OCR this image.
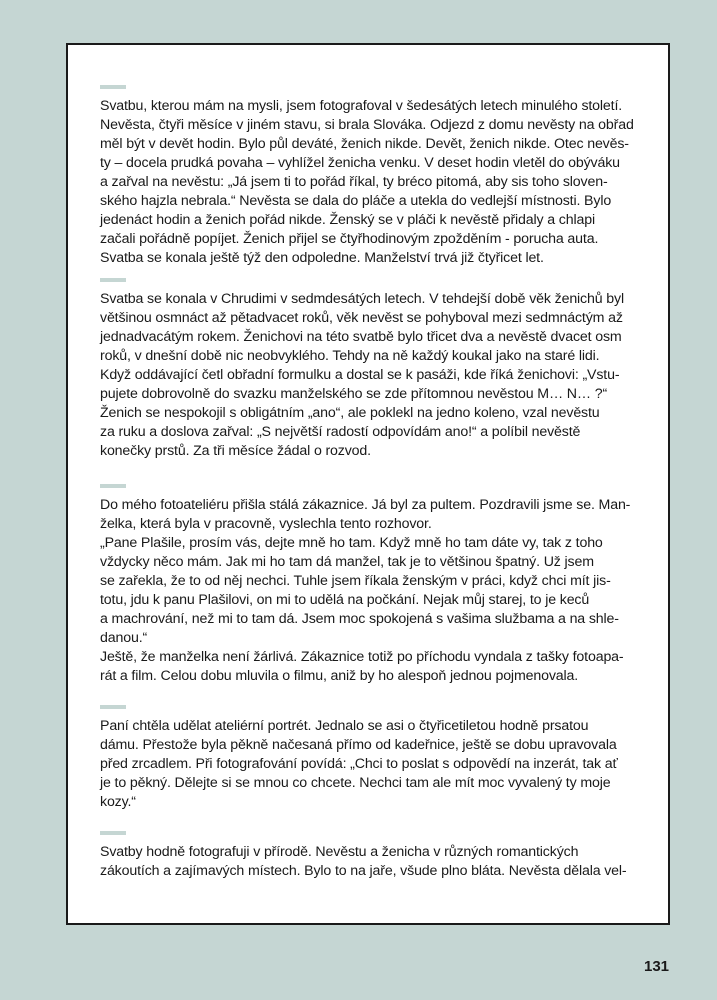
Svatbu, kterou mám na mysli, jsem fotografoval v šedesátých letech minulého století.
Nevěsta, čtyři měsíce v jiném stavu, si brala Slováka. Odjezd z domu nevěsty na obřad
měl být v devět hodin. Bylo půl deváté, ženich nikde. Devět, ženich nikde. Otec nevěs-
ty – docela prudká povaha – vyhlížel ženicha venku. V deset hodin vletěl do obýváku
a zařval na nevěstu: „Já jsem ti to pořád říkal, ty bréco pitomá, aby sis toho sloven-
ského hajzla nebrala.“ Nevěsta se dala do pláče a utekla do vedlejší místnosti. Bylo
jedenáct hodin a ženich pořád nikde. Ženský se v pláči k nevěstě přidaly a chlapi
začali pořádně popíjet. Ženich přijel se čtyřhodinovým zpožděním - porucha auta.
Svatba se konala ještě týž den odpoledne. Manželství trvá již čtyřicet let.
Svatba se konala v Chrudimi v sedmdesátých letech. V tehdejší době věk ženichů byl
většinou osmnáct až pětadvacet roků, věk nevěst se pohyboval mezi sedmnáctým až
jednadvacátým rokem. Ženichovi na této svatbě bylo třicet dva a nevěstě dvacet osm
roků, v dnešní době nic neobvyklého. Tehdy na ně každý koukal jako na staré lidi.
Když oddávající četl obřadní formulku a dostal se k pasáži, kde říká ženichovi: „Vstu-
pujete dobrovolně do svazku manželského se zde přítomnou nevěstou M… N… ?“
Ženich se nespokojil s obligátním „ano“, ale poklekl na jedno koleno, vzal nevěstu
za ruku a doslova zařval: „S největší radostí odpovídám ano!“ a políbil nevěstě
konečky prstů. Za tři měsíce žádal o rozvod.
Do mého fotoateliéru přišla stálá zákaznice. Já byl za pultem. Pozdravili jsme se. Man-
želka, která byla v pracovně, vyslechla tento rozhovor.
„Pane Plašile, prosím vás, dejte mně ho tam. Když mně ho tam dáte vy, tak z toho
vždycky něco mám. Jak mi ho tam dá manžel, tak je to většinou špatný. Už jsem
se zařekla, že to od něj nechci. Tuhle jsem říkala ženským v práci, když chci mít jis-
totu, jdu k panu Plašilovi, on mi to udělá na počkání. Nejak můj starej, to je keců
a machrování, než mi to tam dá. Jsem moc spokojená s vašima službama a na shle-
danou.“
Ještě, že manželka není žárlivá. Zákaznice totiž po příchodu vyndala z tašky fotoapa-
rát a film. Celou dobu mluvila o filmu, aniž by ho alespoň jednou pojmenovala.
Paní chtěla udělat ateliérní portrét. Jednalo se asi o čtyřicetiletou hodně prsatou
dámu. Přestože byla pěkně načesaná přímo od kadeřnice, ještě se dobu upravovala
před zrcadlem. Při fotografování povídá: „Chci to poslat s odpovědí na inzerát, tak ať
je to pěkný. Dělejte si se mnou co chcete. Nechci tam ale mít moc vyvalený ty moje
kozy.“
Svatby hodně fotografuji v přírodě. Nevěstu a ženicha v různých romantických
zákoutích a zajímavých místech. Bylo to na jaře, všude plno bláta. Nevěsta dělala vel-
131
